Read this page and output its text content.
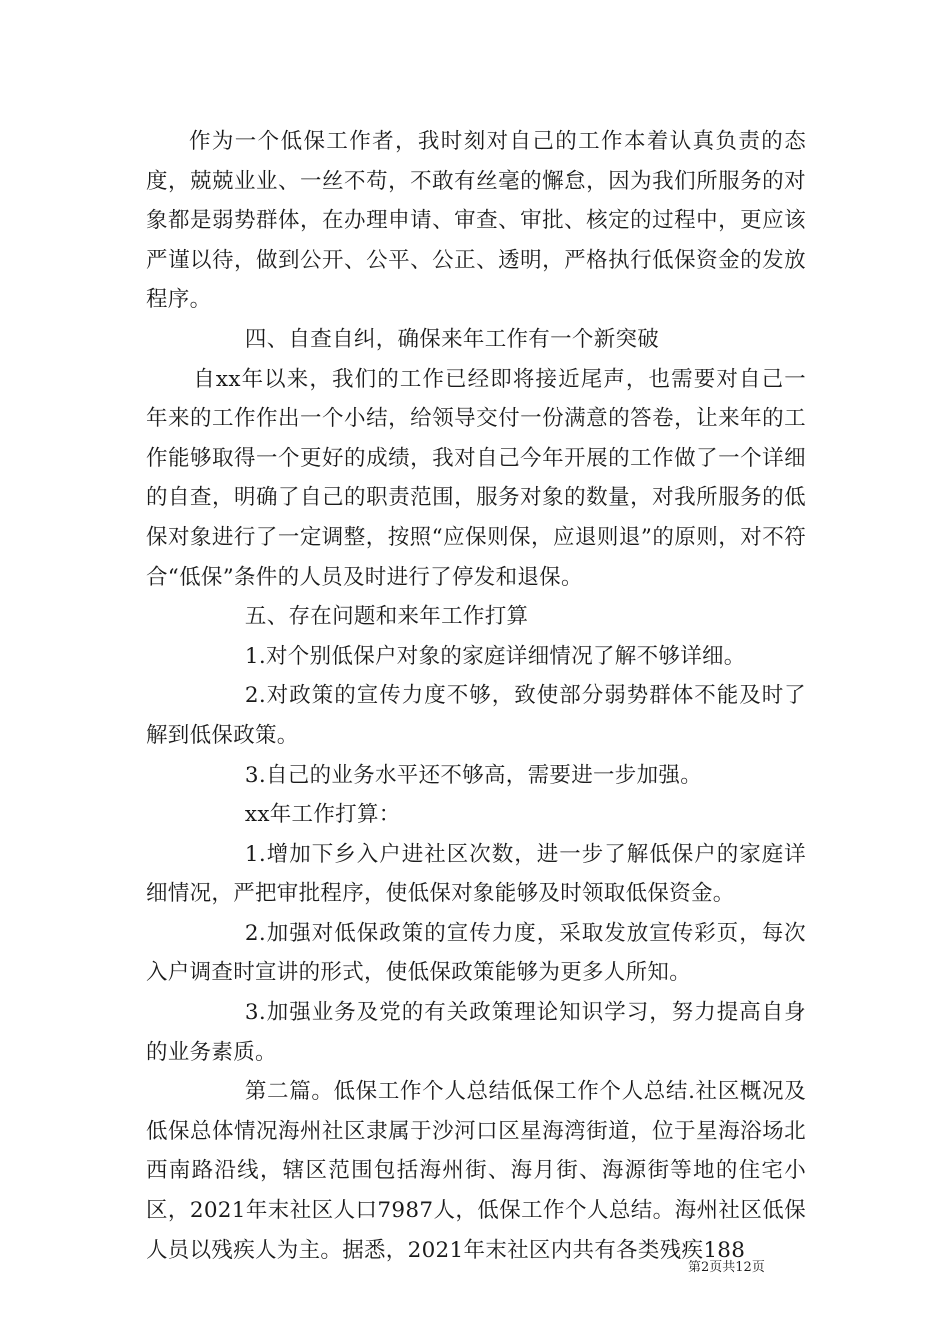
作为一个低保工作者，我时刻对自己的工作本着认真负责的态度，兢兢业业、一丝不苟，不敢有丝毫的懈怠，因为我们所服务的对象都是弱势群体，在办理申请、审查、审批、核定的过程中，更应该严谨以待，做到公开、公平、公正、透明，严格执行低保资金的发放程序。

四、自查自纠，确保来年工作有一个新突破

自xx年以来，我们的工作已经即将接近尾声，也需要对自己一年来的工作作出一个小结，给领导交付一份满意的答卷，让来年的工作能够取得一个更好的成绩，我对自己今年开展的工作做了一个详细的自查，明确了自己的职责范围，服务对象的数量，对我所服务的低保对象进行了一定调整，按照“应保则保，应退则退”的原则，对不符合“低保”条件的人员及时进行了停发和退保。

五、存在问题和来年工作打算

1.对个别低保户对象的家庭详细情况了解不够详细。

2.对政策的宣传力度不够，致使部分弱势群体不能及时了解到低保政策。

3.自己的业务水平还不够高，需要进一步加强。

xx年工作打算：

1.增加下乡入户进社区次数，进一步了解低保户的家庭详细情况，严把审批程序，使低保对象能够及时领取低保资金。

2.加强对低保政策的宣传力度，采取发放宣传彩页，每次入户调查时宣讲的形式，使低保政策能够为更多人所知。

3.加强业务及党的有关政策理论知识学习，努力提高自身的业务素质。

第二篇。低保工作个人总结低保工作个人总结.社区概况及低保总体情况海州社区隶属于沙河口区星海湾街道，位于星海浴场北西南路沿线，辖区范围包括海州街、海月街、海源街等地的住宅小区，2021年末社区人口7987人，低保工作个人总结。海州社区低保人员以残疾人为主。据悉，2021年末社区内共有各类残疾188

第2页共12页
